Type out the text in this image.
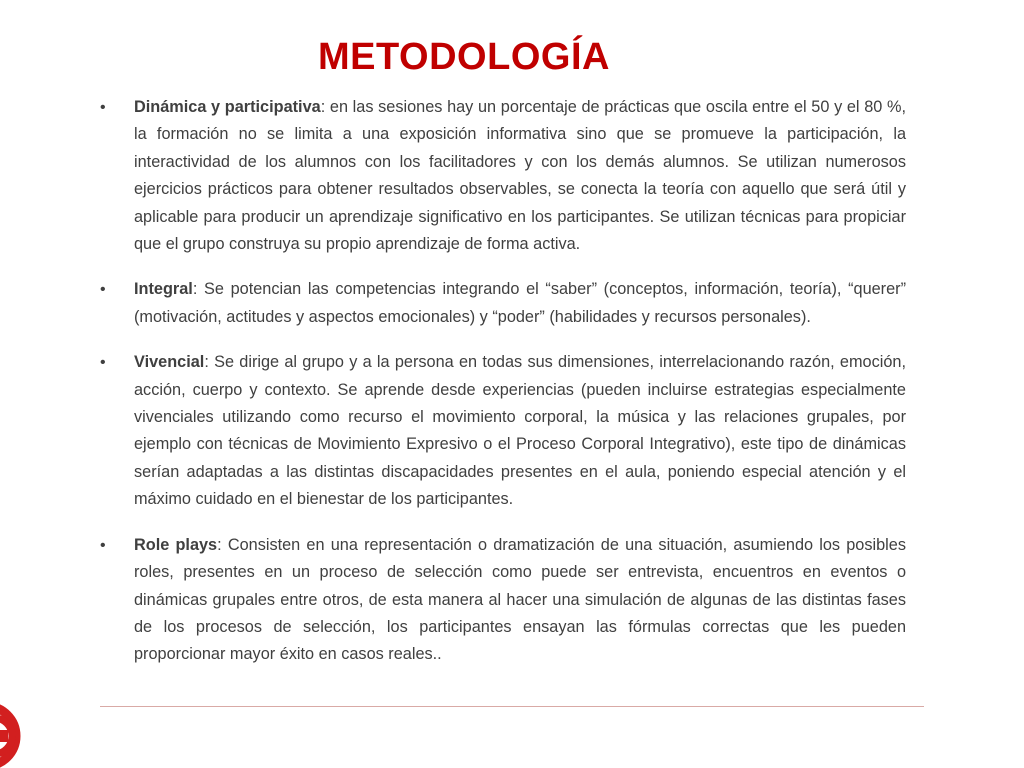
METODOLOGÍA
•	Dinámica y participativa: en las sesiones hay un porcentaje de prácticas que oscila entre el 50 y el 80 %, la formación no se limita a una exposición informativa sino que se promueve la participación, la interactividad de los alumnos con los facilitadores y con los demás alumnos. Se utilizan numerosos ejercicios prácticos para obtener resultados observables, se conecta la teoría con aquello que será útil y aplicable para producir un aprendizaje significativo en los participantes. Se utilizan técnicas para propiciar que el grupo construya su propio aprendizaje de forma activa.
•	Integral: Se potencian las competencias integrando el “saber” (conceptos, información, teoría), “querer” (motivación, actitudes y aspectos emocionales) y “poder” (habilidades y recursos personales).
•	Vivencial: Se dirige al grupo y a la persona en todas sus dimensiones, interrelacionando razón, emoción, acción, cuerpo y contexto. Se aprende desde experiencias (pueden incluirse estrategias especialmente vivenciales utilizando como recurso el movimiento corporal, la música y las relaciones grupales, por ejemplo con técnicas de Movimiento Expresivo o el Proceso Corporal Integrativo), este tipo de dinámicas serían adaptadas a las distintas discapacidades presentes en el aula, poniendo especial atención y el máximo cuidado en el bienestar de los participantes.
•	Role plays: Consisten en una representación o dramatización de una situación, asumiendo los posibles roles, presentes en un proceso de selección como puede ser entrevista, encuentros en eventos o dinámicas grupales entre otros, de esta manera al hacer una simulación de algunas de las distintas fases de los procesos de selección, los participantes ensayan las fórmulas correctas que les pueden proporcionar mayor éxito en casos reales..
